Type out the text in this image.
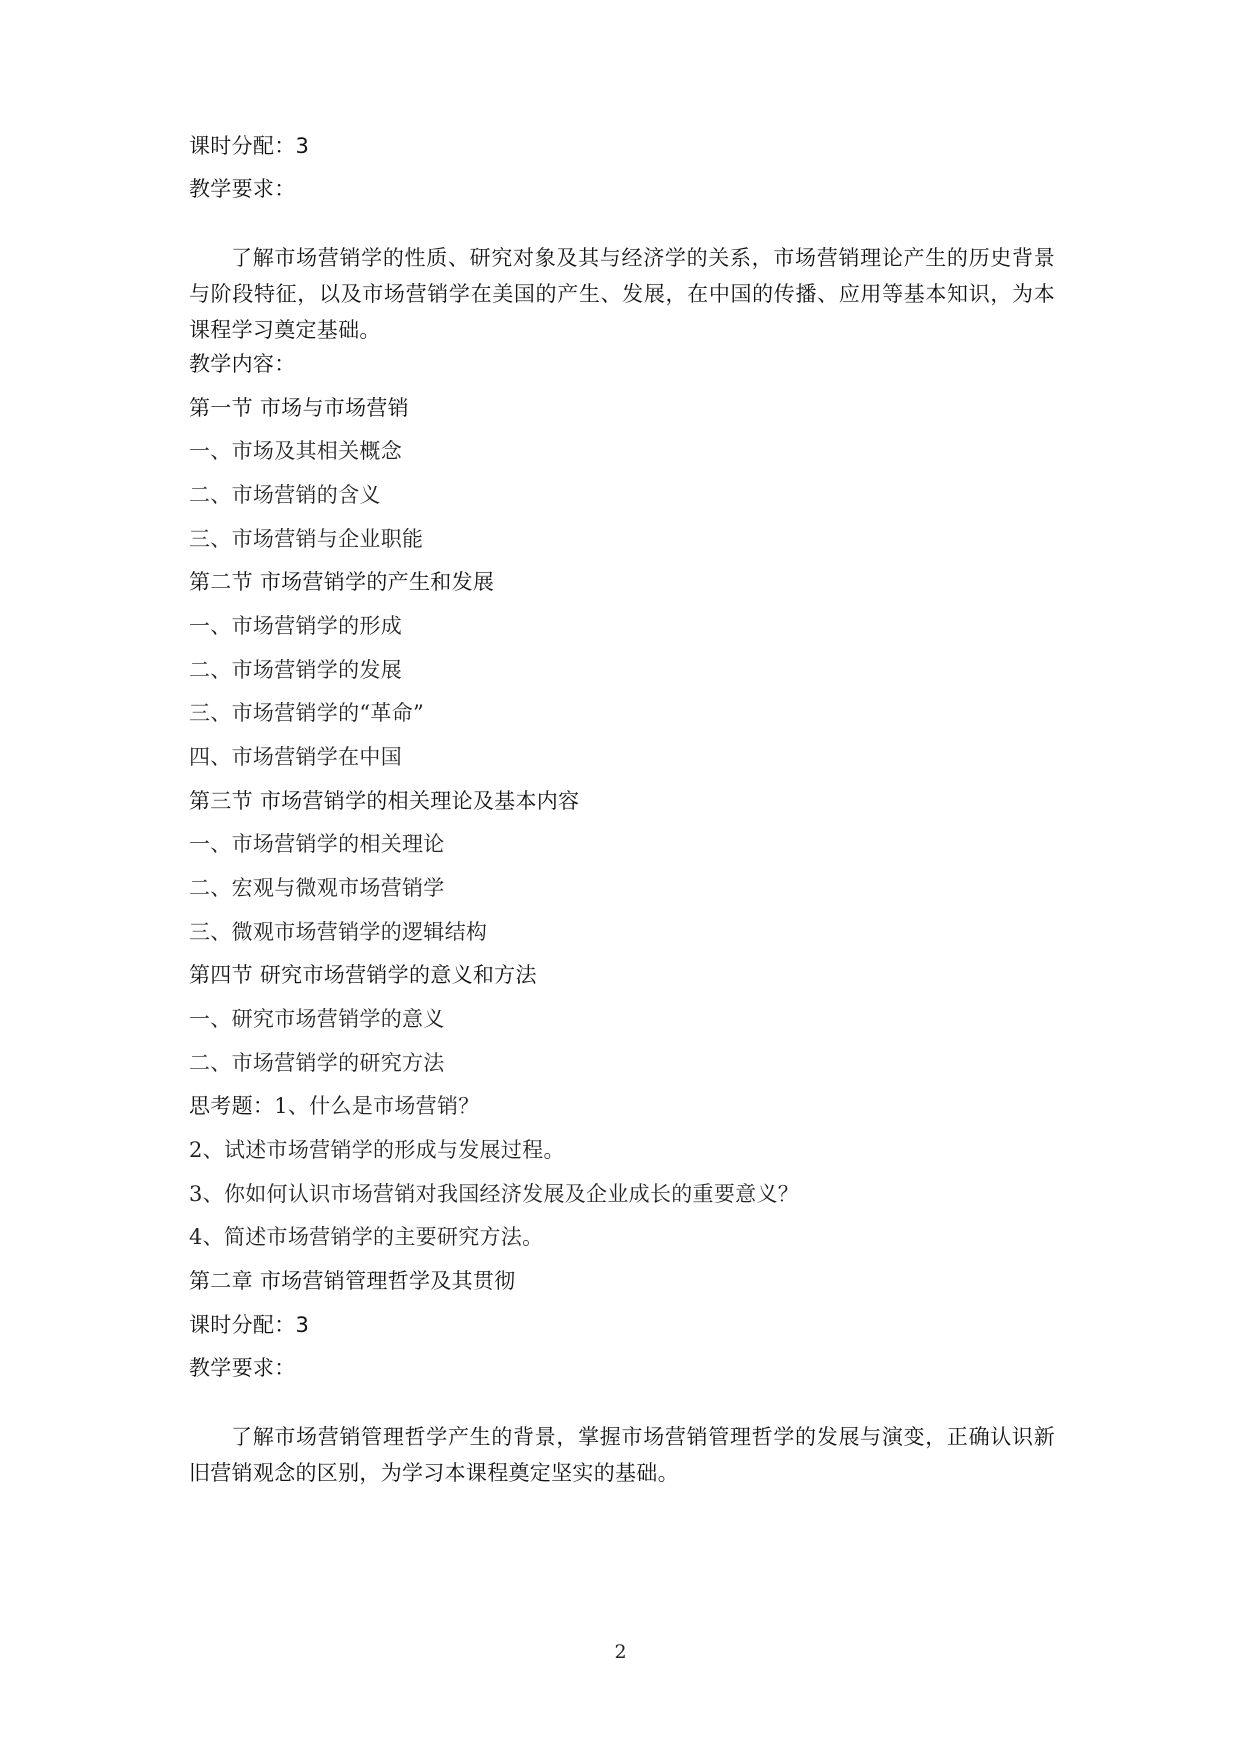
课时分配：3
教学要求：
了解市场营销学的性质、研究对象及其与经济学的关系，市场营销理论产生的历史背景与阶段特征，以及市场营销学在美国的产生、发展，在中国的传播、应用等基本知识，为本课程学习奠定基础。
教学内容：
第一节 市场与市场营销
一、市场及其相关概念
二、市场营销的含义
三、市场营销与企业职能
第二节 市场营销学的产生和发展
一、市场营销学的形成
二、市场营销学的发展
三、市场营销学的“革命”
四、市场营销学在中国
第三节 市场营销学的相关理论及基本内容
一、市场营销学的相关理论
二、宏观与微观市场营销学
三、微观市场营销学的逻辑结构
第四节 研究市场营销学的意义和方法
一、研究市场营销学的意义
二、市场营销学的研究方法
思考题：1、什么是市场营销？
2、试述市场营销学的形成与发展过程。
3、你如何认识市场营销对我国经济发展及企业成长的重要意义？
4、简述市场营销学的主要研究方法。
第二章 市场营销管理哲学及其贯彻
课时分配：3
教学要求：
了解市场营销管理哲学产生的背景，掌握市场营销管理哲学的发展与演变，正确认识新旧营销观念的区别，为学习本课程奠定坚实的基础。
2
